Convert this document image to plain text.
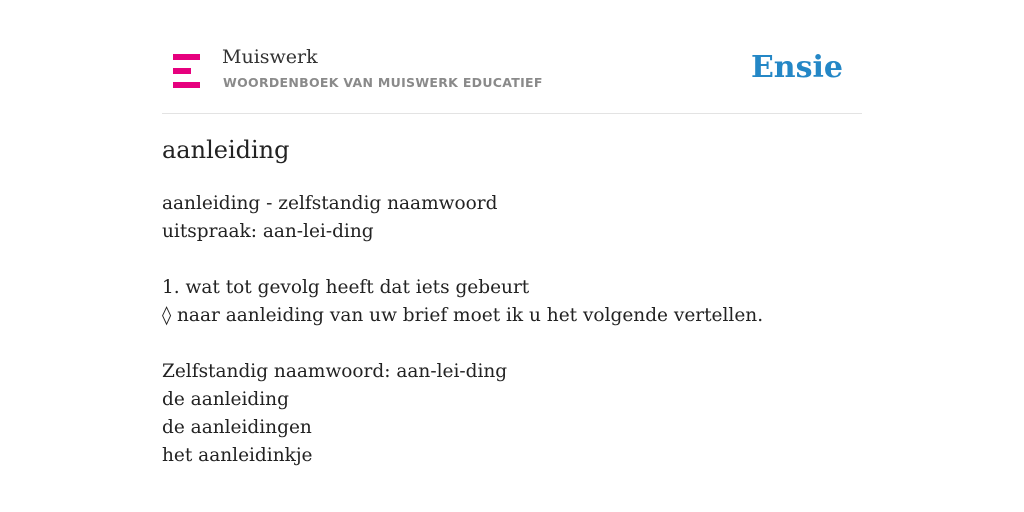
Muiswerk
WOORDENBOEK VAN MUISWERK EDUCATIEF	Ensie
aanleiding
aanleiding - zelfstandig naamwoord
uitspraak: aan-lei-ding
1. wat tot gevolg heeft dat iets gebeurt
◊ naar aanleiding van uw brief moet ik u het volgende vertellen.
Zelfstandig naamwoord: aan-lei-ding
de aanleiding
de aanleidingen
het aanleidinkje
